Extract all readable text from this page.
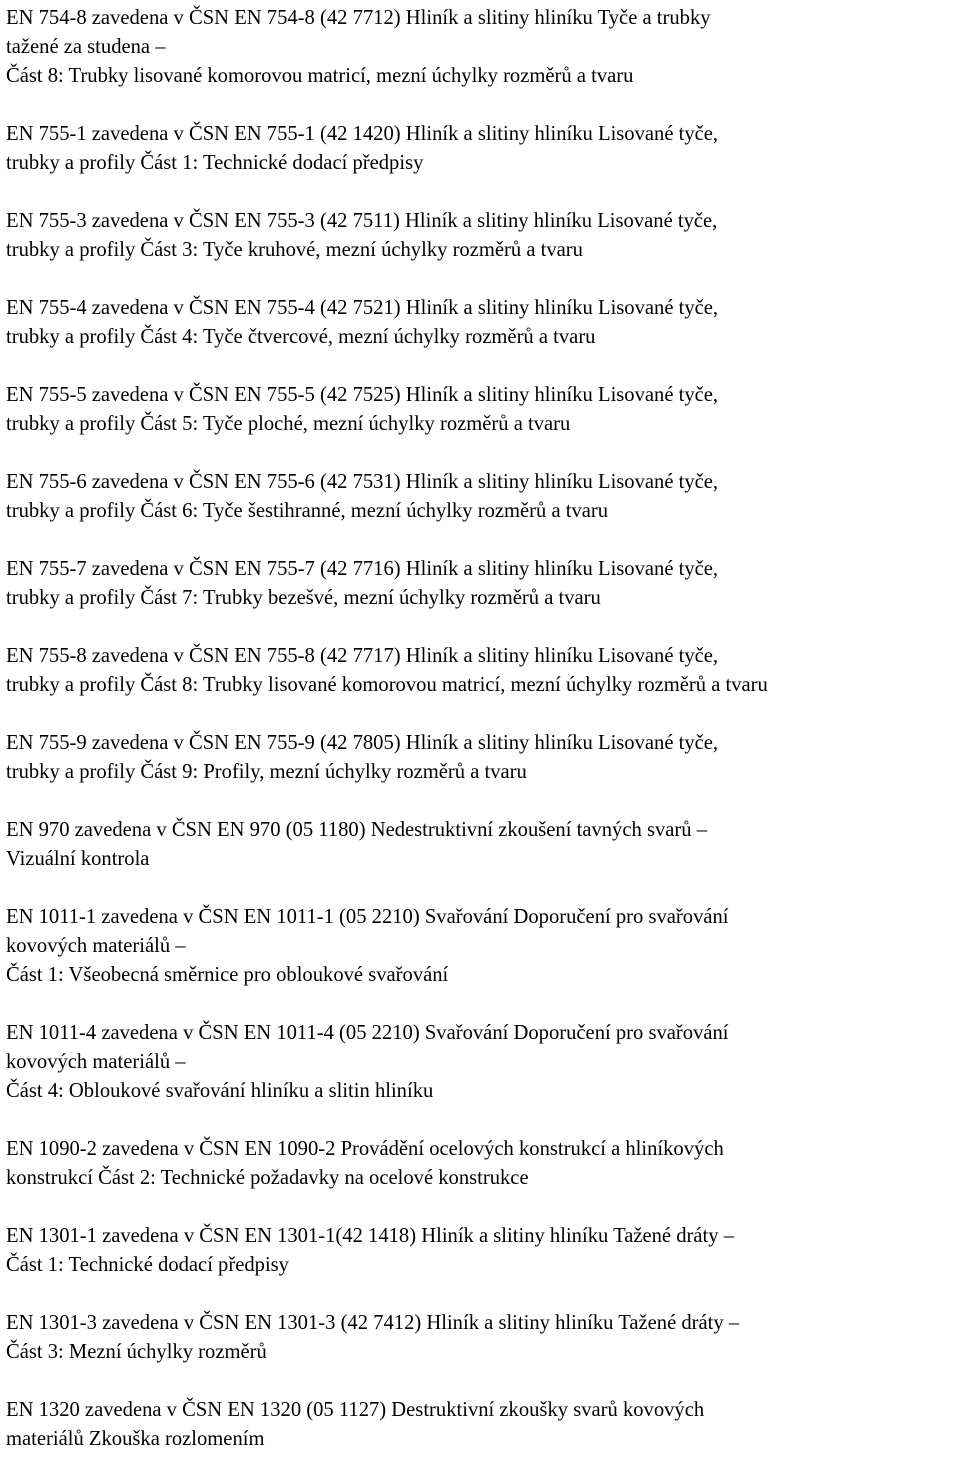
EN 754-8 zavedena v ČSN EN 754-8 (42 7712) Hliník a slitiny hliníku Tyče a trubky
tažené za studena –
Část 8: Trubky lisované komorovou matricí, mezní úchylky rozměrů a tvaru
EN 755-1 zavedena v ČSN EN 755-1 (42 1420) Hliník a slitiny hliníku Lisované tyče,
trubky a profily Část 1: Technické dodací předpisy
EN 755-3 zavedena v ČSN EN 755-3 (42 7511) Hliník a slitiny hliníku Lisované tyče,
trubky a profily Část 3: Tyče kruhové, mezní úchylky rozměrů a tvaru
EN 755-4 zavedena v ČSN EN 755-4 (42 7521) Hliník a slitiny hliníku Lisované tyče,
trubky a profily Část 4: Tyče čtvercové, mezní úchylky rozměrů a tvaru
EN 755-5 zavedena v ČSN EN 755-5 (42 7525) Hliník a slitiny hliníku Lisované tyče,
trubky a profily Část 5: Tyče ploché, mezní úchylky rozměrů a tvaru
EN 755-6 zavedena v ČSN EN 755-6 (42 7531) Hliník a slitiny hliníku Lisované tyče,
trubky a profily Část 6: Tyče šestihranné, mezní úchylky rozměrů a tvaru
EN 755-7 zavedena v ČSN EN 755-7 (42 7716) Hliník a slitiny hliníku Lisované tyče,
trubky a profily Část 7: Trubky bezešvé, mezní úchylky rozměrů a tvaru
EN 755-8 zavedena v ČSN EN 755-8 (42 7717) Hliník a slitiny hliníku Lisované tyče,
trubky a profily Část 8: Trubky lisované komorovou matricí, mezní úchylky rozměrů a tvaru
EN 755-9 zavedena v ČSN EN 755-9 (42 7805) Hliník a slitiny hliníku Lisované tyče,
trubky a profily Část 9: Profily, mezní úchylky rozměrů a tvaru
EN 970 zavedena v ČSN EN 970 (05 1180) Nedestruktivní zkoušení tavných svarů –
Vizuální kontrola
EN 1011-1 zavedena v ČSN EN 1011-1 (05 2210) Svařování Doporučení pro svařování
kovových materiálů –
Část 1: Všeobecná směrnice pro obloukové svařování
EN 1011-4 zavedena v ČSN EN 1011-4 (05 2210) Svařování Doporučení pro svařování
kovových materiálů –
Část 4: Obloukové svařování hliníku a slitin hliníku
EN 1090-2 zavedena v ČSN EN 1090-2 Provádění ocelových konstrukcí a hliníkových
konstrukcí Část 2: Technické požadavky na ocelové konstrukce
EN 1301-1 zavedena v ČSN EN 1301-1(42 1418) Hliník a slitiny hliníku Tažené dráty –
Část 1: Technické dodací předpisy
EN 1301-3 zavedena v ČSN EN 1301-3 (42 7412) Hliník a slitiny hliníku Tažené dráty –
Část 3: Mezní úchylky rozměrů
EN 1320 zavedena v ČSN EN 1320 (05 1127) Destruktivní zkoušky svarů kovových
materiálů Zkouška rozlomením
